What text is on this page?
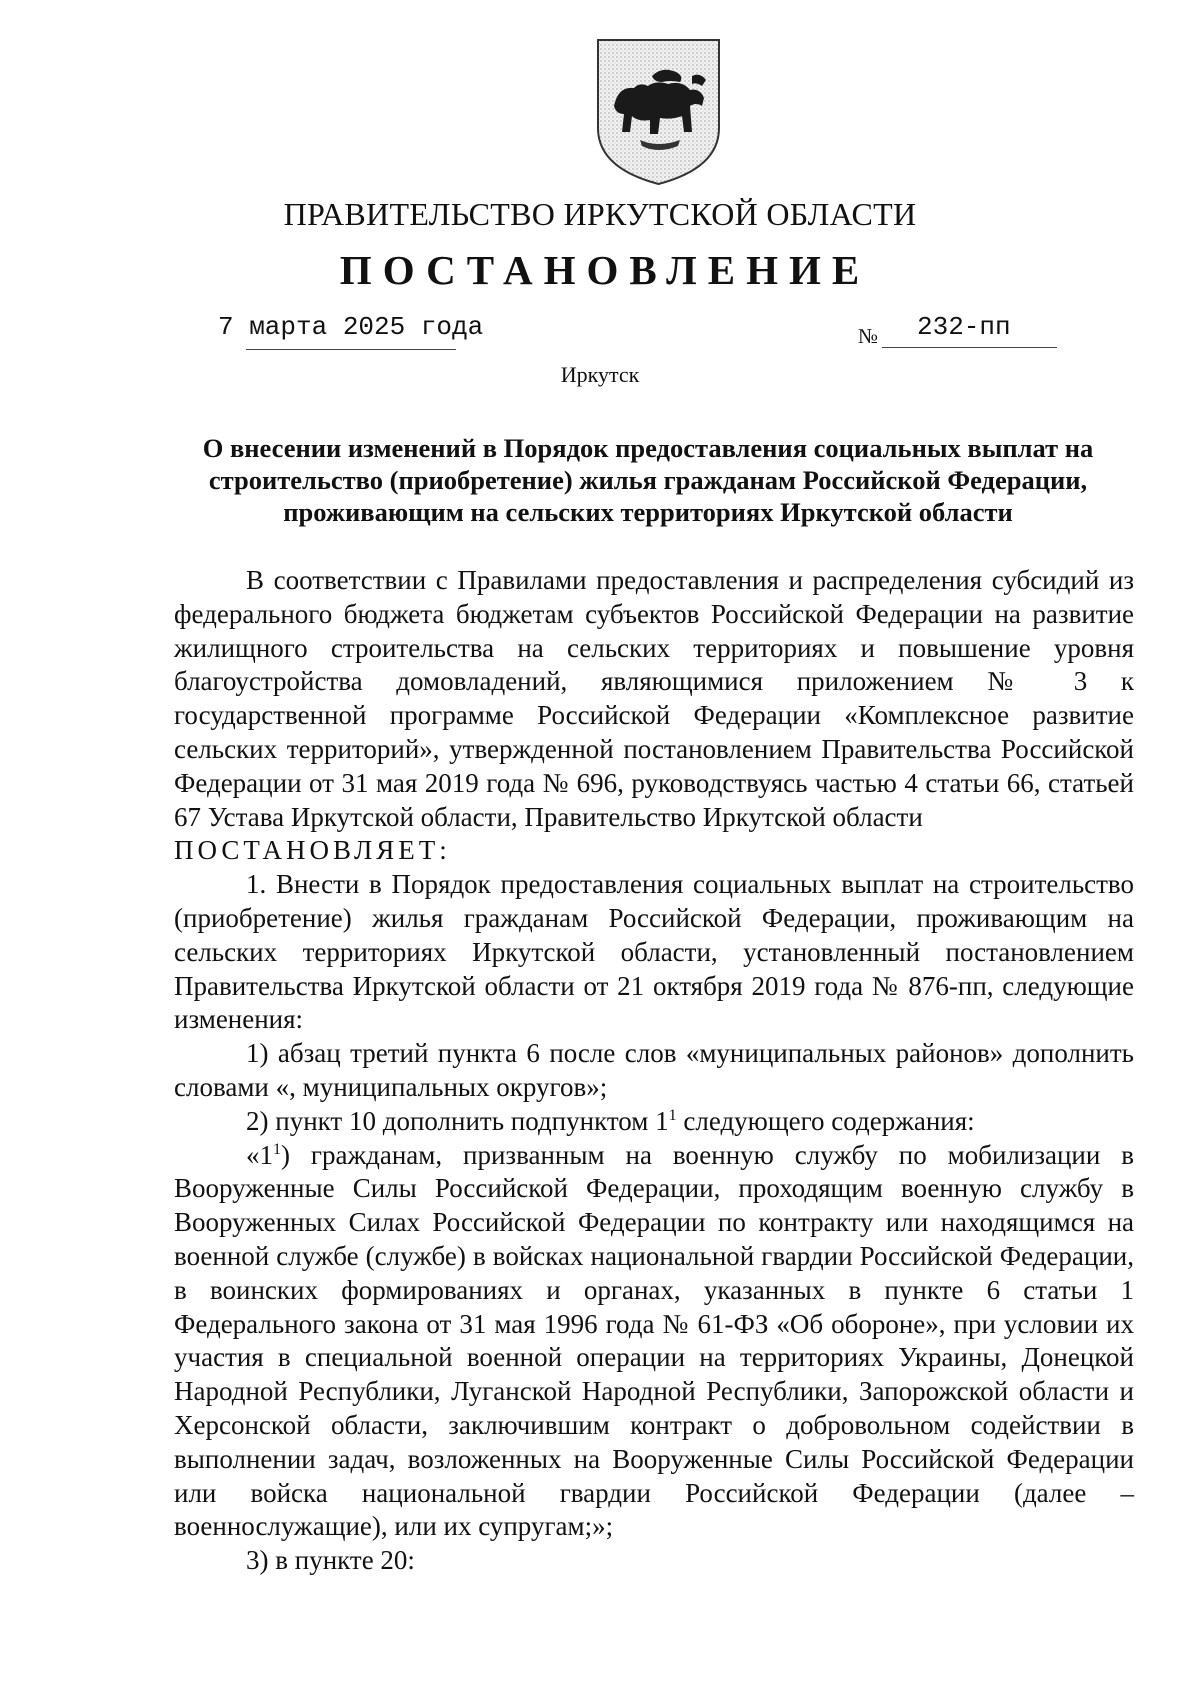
ПРАВИТЕЛЬСТВО ИРКУТСКОЙ ОБЛАСТИ
ПОСТАНОВЛЕНИЕ
7 марта 2025 года	№ 232-пп
Иркутск
О внесении изменений в Порядок предоставления социальных выплат на
строительство (приобретение) жилья гражданам Российской Федерации,
проживающим на сельских территориях Иркутской области

В соответствии с Правилами предоставления и распределения субсидий из федерального бюджета бюджетам субъектов Российской Федерации на развитие жилищного строительства на сельских территориях и повышение уровня благоустройства домовладений, являющимися приложением № 3 к государственной программе Российской Федерации «Комплексное развитие сельских территорий», утвержденной постановлением Правительства Российской Федерации от 31 мая 2019 года № 696, руководствуясь частью 4 статьи 66, статьей 67 Устава Иркутской области, Правительство Иркутской области

ПОСТАНОВЛЯЕТ:

1. Внести в Порядок предоставления социальных выплат на строительство (приобретение) жилья гражданам Российской Федерации, проживающим на сельских территориях Иркутской области, установленный постановлением Правительства Иркутской области от 21 октября 2019 года № 876-пп, следующие изменения:

1) абзац третий пункта 6 после слов «муниципальных районов» дополнить словами «, муниципальных округов»;

2) пункт 10 дополнить подпунктом $1^1$ следующего содержания:

«$1^1$) гражданам, призванным на военную службу по мобилизации в Вооруженные Силы Российской Федерации, проходящим военную службу в Вооруженных Силах Российской Федерации по контракту или находящимся на военной службе (службе) в войсках национальной гвардии Российской Федерации, в воинских формированиях и органах, указанных в пункте 6 статьи 1 Федерального закона от 31 мая 1996 года № 61-ФЗ «Об обороне», при условии их участия в специальной военной операции на территориях Украины, Донецкой Народной Республики, Луганской Народной Республики, Запорожской области и Херсонской области, заключившим контракт о добровольном содействии в выполнении задач, возложенных на Вооруженные Силы Российской Федерации или войска национальной гвардии Российской Федерации (далее – военнослужащие), или их супругам;»;

3) в пункте 20:
